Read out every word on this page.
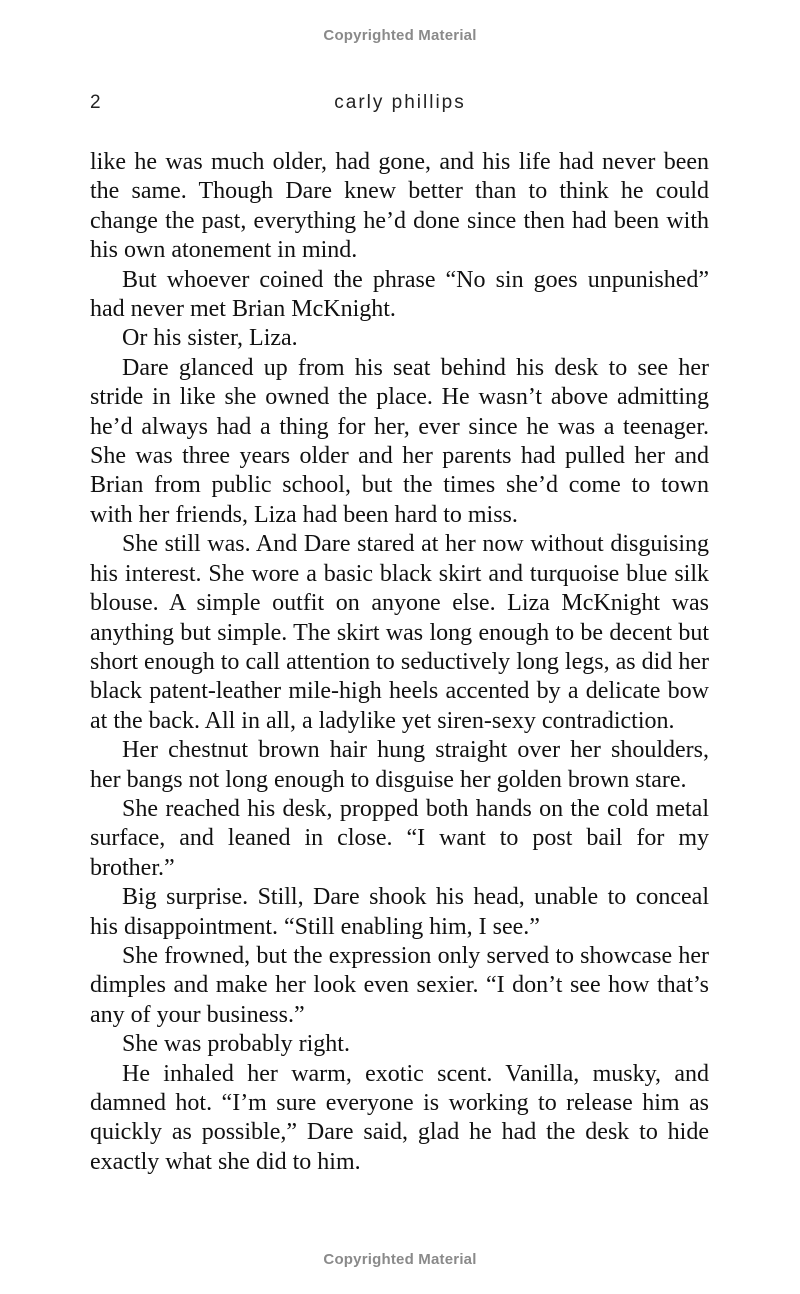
Copyrighted Material
2	carly phillips

like he was much older, had gone, and his life had never been the same. Though Dare knew better than to think he could change the past, everything he’d done since then had been with his own atonement in mind.

But whoever coined the phrase “No sin goes unpunished” had never met Brian McKnight.

Or his sister, Liza.

Dare glanced up from his seat behind his desk to see her stride in like she owned the place. He wasn’t above admitting he’d always had a thing for her, ever since he was a teenager. She was three years older and her parents had pulled her and Brian from public school, but the times she’d come to town with her friends, Liza had been hard to miss.

She still was. And Dare stared at her now without disguising his interest. She wore a basic black skirt and turquoise blue silk blouse. A simple outfit on anyone else. Liza McKnight was anything but simple. The skirt was long enough to be decent but short enough to call attention to seductively long legs, as did her black patent-leather mile-high heels accented by a delicate bow at the back. All in all, a ladylike yet siren-sexy contradiction.

Her chestnut brown hair hung straight over her shoulders, her bangs not long enough to disguise her golden brown stare.

She reached his desk, propped both hands on the cold metal surface, and leaned in close. “I want to post bail for my brother.”

Big surprise. Still, Dare shook his head, unable to conceal his disappointment. “Still enabling him, I see.”

She frowned, but the expression only served to showcase her dimples and make her look even sexier. “I don’t see how that’s any of your business.”

She was probably right.

He inhaled her warm, exotic scent. Vanilla, musky, and damned hot. “I’m sure everyone is working to release him as quickly as possible,” Dare said, glad he had the desk to hide exactly what she did to him.

Copyrighted Material
